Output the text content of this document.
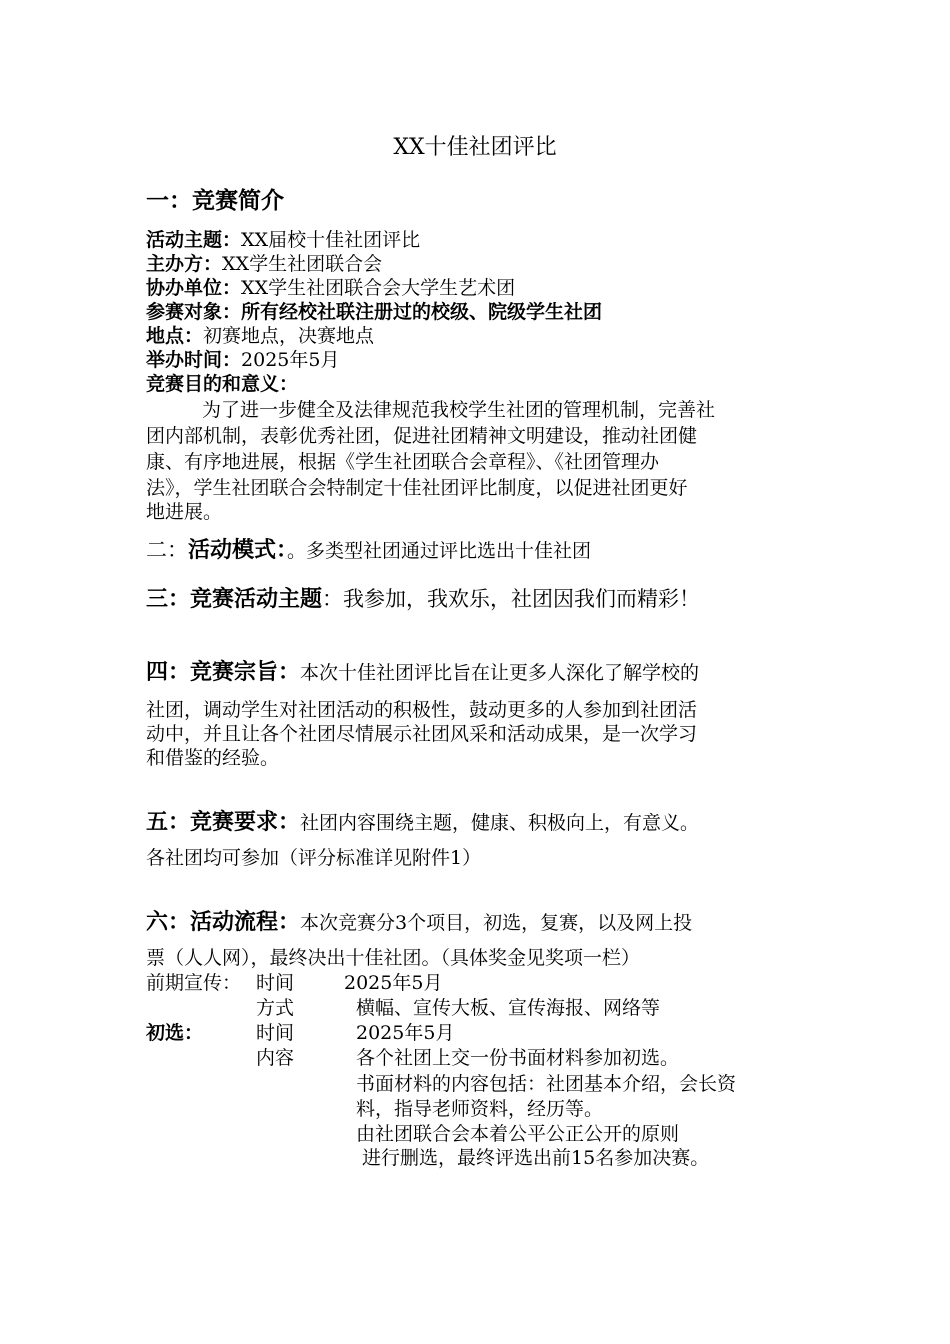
XX十佳社团评比
一：竞赛简介
活动主题：XX届校十佳社团评比
主办方：XX学生社团联合会
协办单位：XX学生社团联合会大学生艺术团
参赛对象：所有经校社联注册过的校级、院级学生社团
地点：初赛地点，决赛地点
举办时间：2025年5月
竞赛目的和意义：
为了进一步健全及法律规范我校学生社团的管理机制，完善社
团内部机制，表彰优秀社团，促进社团精神文明建设，推动社团健
康、有序地进展，根据《学生社团联合会章程》、《社团管理办
法》，学生社团联合会特制定十佳社团评比制度，以促进社团更好
地进展。
二：活动模式：。多类型社团通过评比选出十佳社团
三：竞赛活动主题：我参加，我欢乐，社团因我们而精彩！
四：竞赛宗旨：本次十佳社团评比旨在让更多人深化了解学校的
社团，调动学生对社团活动的积极性，鼓动更多的人参加到社团活
动中，并且让各个社团尽情展示社团风采和活动成果，是一次学习
和借鉴的经验。
五：竞赛要求：社团内容围绕主题，健康、积极向上，有意义。
各社团均可参加（评分标准详见附件1）
六：活动流程：本次竞赛分3个项目，初选，复赛，以及网上投
票（人人网），最终决出十佳社团。（具体奖金见奖项一栏）
前期宣传： 时间	2025年5月
方式	横幅、宣传大板、宣传海报、网络等
初选：	时间	2025年5月
内容	各个社团上交一份书面材料参加初选。
书面材料的内容包括：社团基本介绍，会长资
料，指导老师资料，经历等。
由社团联合会本着公平公正公开的原则
进行删选，最终评选出前15名参加决赛。
